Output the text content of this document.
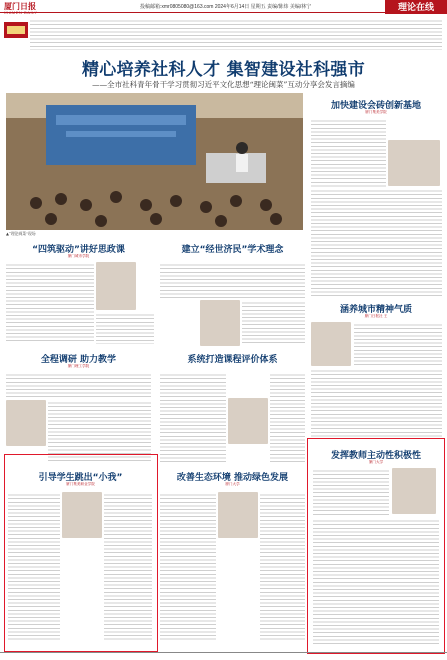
厦门日报
XIAMEN DAILY
投稿邮箱:xmr0805080@163.com 2024年6月14日 星期五 责编/陈炜 美编/林宁	理论在线
精心培养社科人才 集智建设社科强市
——全市社科青年骨干学习贯彻习近平文化思想“理论闽菜”互动分享会发言摘编
▲“理论闽菜”现场
加快建设会砖创新基地
厦门集美学院
涵养城市精神气质
厦门日报社 王
发挥教师主动性积极性
厦门大学
“四筑驱动”讲好思政课
厦门城市学院
建立“经世济民”学术理念
全程调研 助力教学
厦门理工学院
系统打造课程评价体系
引导学生跳出“小我”
厦门集美职业学院
改善生态环境 推动绿色发展
厦门大学
